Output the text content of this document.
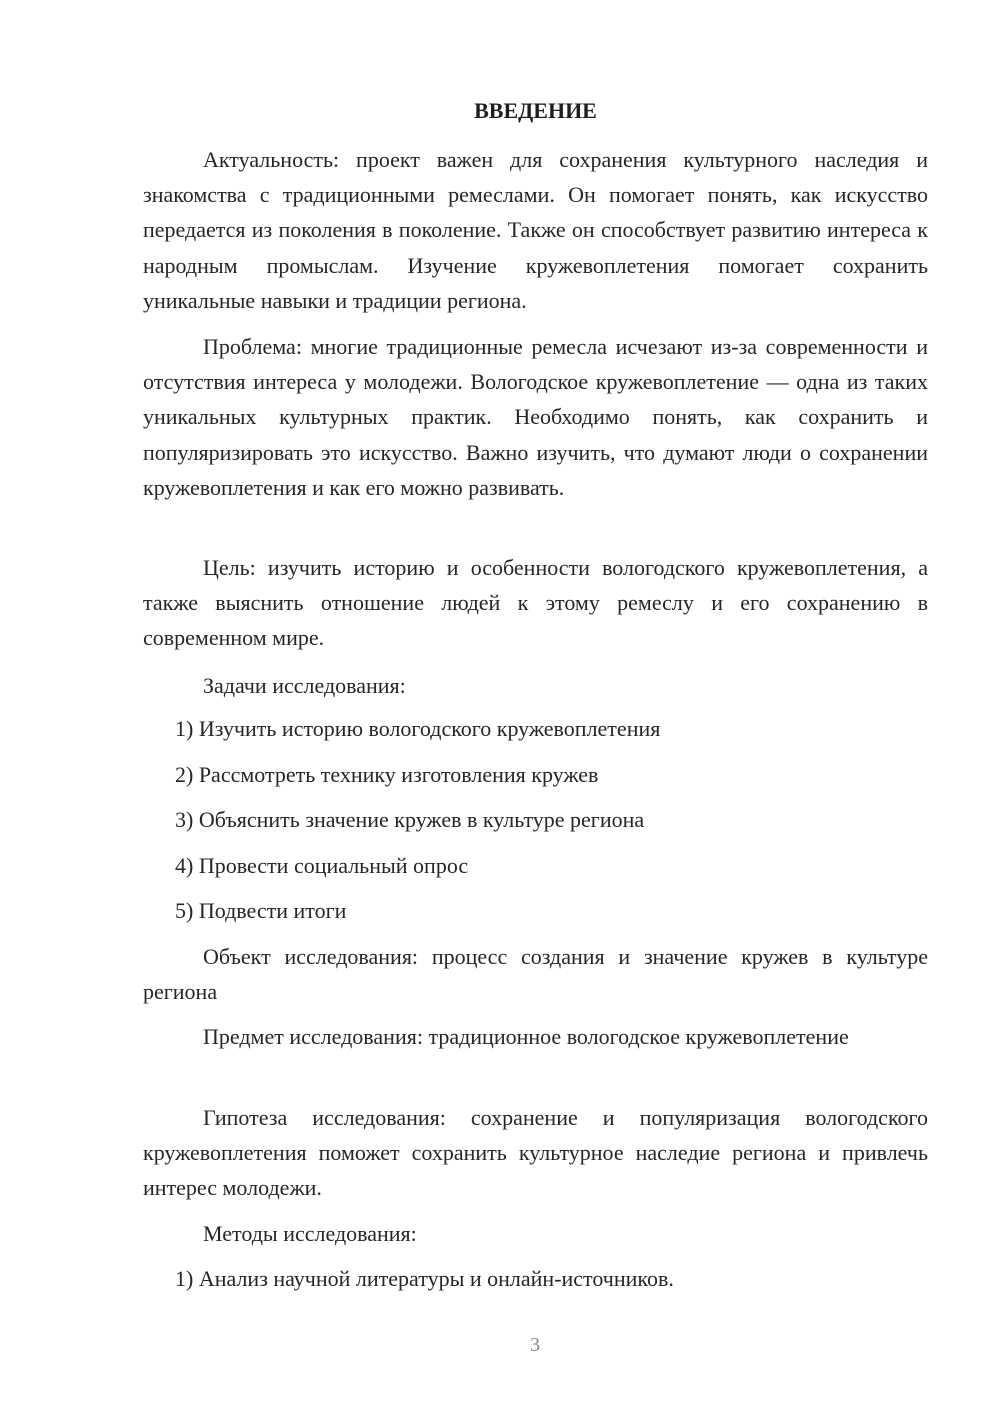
ВВЕДЕНИЕ

Актуальность: проект важен для сохранения культурного наследия и знакомства с традиционными ремеслами. Он помогает понять, как искусство передается из поколения в поколение. Также он способствует развитию интереса к народным промыслам. Изучение кружевоплетения помогает сохранить уникальные навыки и традиции региона.

Проблема: многие традиционные ремесла исчезают из-за современности и отсутствия интереса у молодежи. Вологодское кружевоплетение — одна из таких уникальных культурных практик. Необходимо понять, как сохранить и популяризировать это искусство. Важно изучить, что думают люди о сохранении кружевоплетения и как его можно развивать.

Цель: изучить историю и особенности вологодского кружевоплетения, а также выяснить отношение людей к этому ремеслу и его сохранению в современном мире.

Задачи исследования:

1) Изучить историю вологодского кружевоплетения

2) Рассмотреть технику изготовления кружев

3) Объяснить значение кружев в культуре региона

4) Провести социальный опрос

5) Подвести итоги

Объект исследования: процесс создания и значение кружев в культуре региона

Предмет исследования: традиционное вологодское кружевоплетение

Гипотеза исследования: сохранение и популяризация вологодского кружевоплетения поможет сохранить культурное наследие региона и привлечь интерес молодежи.

Методы исследования:

1) Анализ научной литературы и онлайн-источников.

3
